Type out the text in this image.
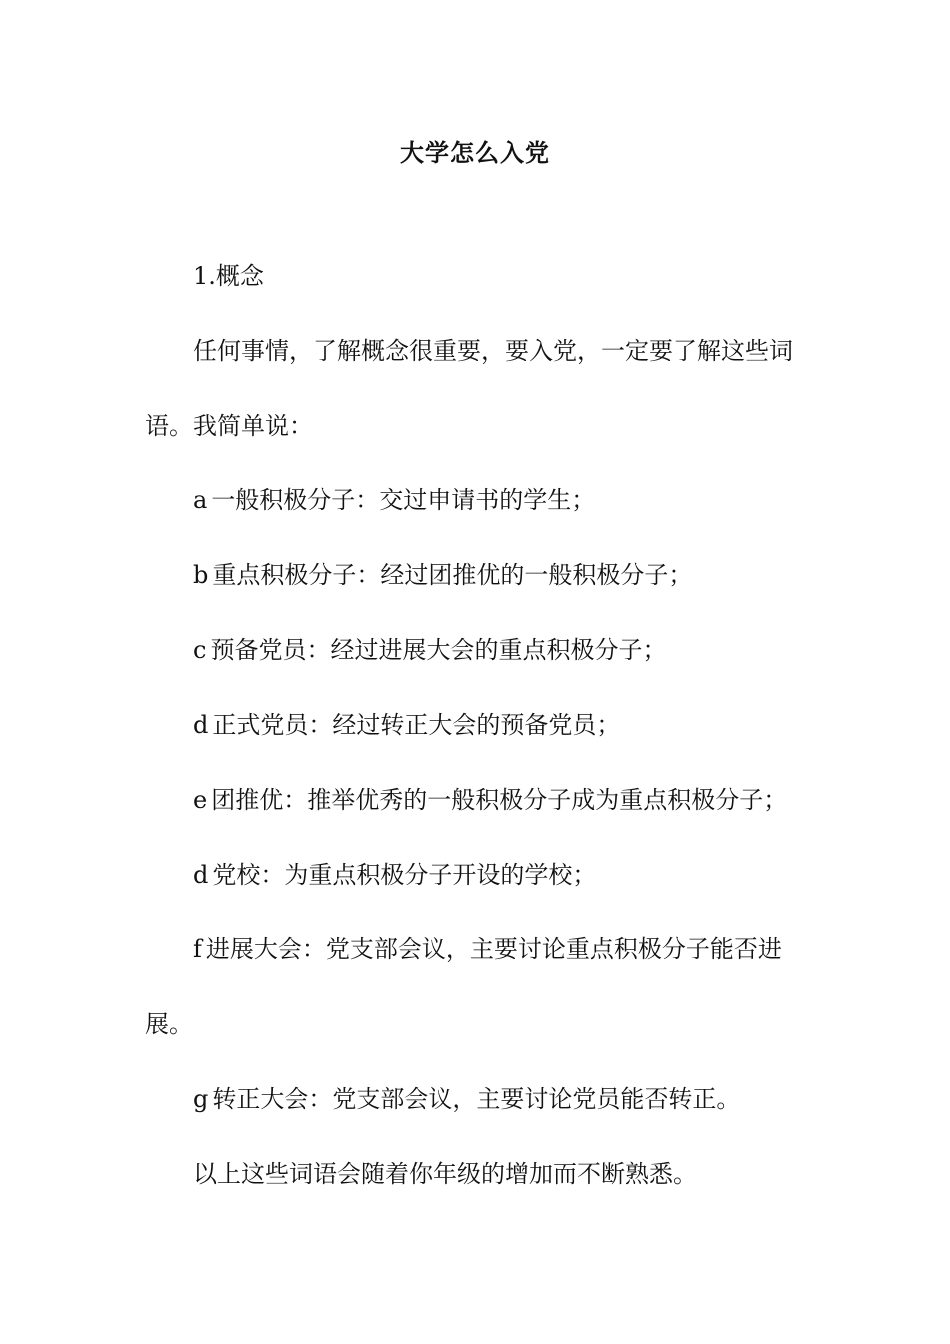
大学怎么入党
1.概念
任何事情，了解概念很重要，要入党，一定要了解这些词
语。我简单说：
a 一般积极分子：交过申请书的学生；
b 重点积极分子：经过团推优的一般积极分子；
c 预备党员：经过进展大会的重点积极分子；
d 正式党员：经过转正大会的预备党员；
e 团推优：推举优秀的一般积极分子成为重点积极分子；
d 党校：为重点积极分子开设的学校；
f 进展大会：党支部会议，主要讨论重点积极分子能否进
展。
g 转正大会：党支部会议，主要讨论党员能否转正。
以上这些词语会随着你年级的增加而不断熟悉。
